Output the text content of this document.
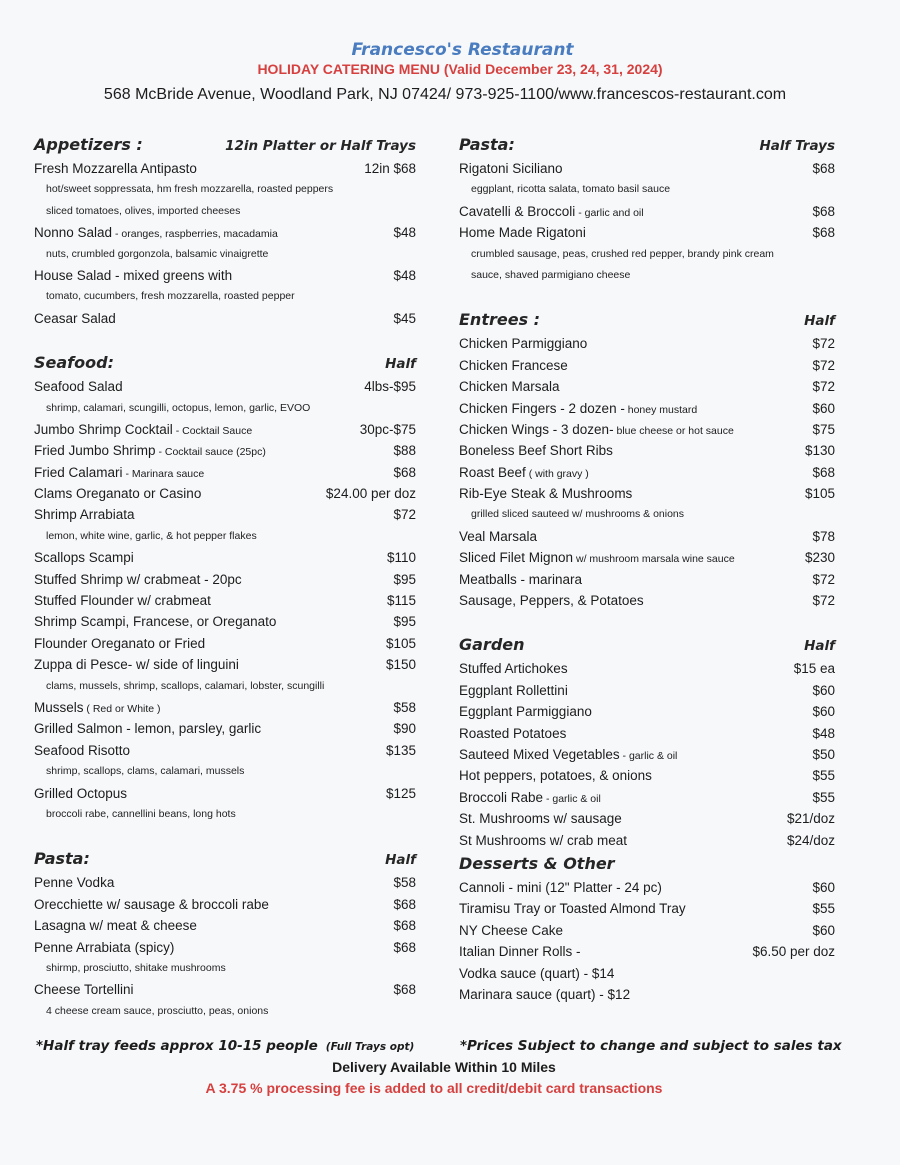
Francesco's Restaurant
HOLIDAY CATERING MENU (Valid December 23, 24, 31, 2024)
568 McBride Avenue, Woodland Park, NJ 07424/ 973-925-1100/www.francescos-restaurant.com
Appetizers :	12in Platter or Half Trays
Fresh Mozzarella Antipasto	12in $68
hot/sweet soppressata, hm fresh mozzarella, roasted peppers
sliced tomatoes, olives, imported cheeses
Nonno Salad - oranges, raspberries, macadamia	$48
nuts, crumbled gorgonzola, balsamic vinaigrette
House Salad - mixed greens with	$48
tomato, cucumbers, fresh mozzarella, roasted pepper
Ceasar Salad	$45
Seafood:	Half
Seafood Salad	4lbs-$95
shrimp, calamari, scungilli, octopus, lemon, garlic, EVOO
Jumbo Shrimp Cocktail - Cocktail Sauce	30pc-$75
Fried Jumbo Shrimp - Cocktail sauce (25pc)	$88
Fried Calamari - Marinara sauce	$68
Clams Oreganato or Casino	$24.00 per doz
Shrimp Arrabiata	$72
lemon, white wine, garlic, & hot pepper flakes
Scallops Scampi	$110
Stuffed Shrimp w/ crabmeat - 20pc	$95
Stuffed Flounder w/ crabmeat	$115
Shrimp Scampi, Francese, or Oreganato	$95
Flounder Oreganato or Fried	$105
Zuppa di Pesce- w/ side of linguini	$150
clams, mussels, shrimp, scallops, calamari, lobster, scungilli
Mussels ( Red or White )	$58
Grilled Salmon - lemon, parsley, garlic	$90
Seafood Risotto	$135
shrimp, scallops, clams, calamari, mussels
Grilled Octopus	$125
broccoli rabe, cannellini beans, long hots
Pasta:	Half
Penne Vodka	$58
Orecchiette w/ sausage & broccoli rabe	$68
Lasagna w/ meat & cheese	$68
Penne Arrabiata (spicy)	$68
shirmp, prosciutto, shitake mushrooms
Cheese Tortellini	$68
4 cheese cream sauce, prosciutto, peas, onions
Pasta:	Half Trays
Rigatoni Siciliano	$68
eggplant, ricotta salata, tomato basil sauce
Cavatelli & Broccoli - garlic and oil	$68
Home Made Rigatoni	$68
crumbled sausage, peas, crushed red pepper, brandy pink cream
sauce, shaved parmigiano cheese
Entrees :	Half
Chicken Parmiggiano	$72
Chicken Francese	$72
Chicken Marsala	$72
Chicken Fingers - 2 dozen - honey mustard	$60
Chicken Wings - 3 dozen- blue cheese or hot sauce	$75
Boneless Beef Short Ribs	$130
Roast Beef ( with gravy )	$68
Rib-Eye Steak & Mushrooms	$105
grilled sliced sauteed w/ mushrooms & onions
Veal Marsala	$78
Sliced Filet Mignon w/ mushroom marsala wine sauce	$230
Meatballs - marinara	$72
Sausage, Peppers, & Potatoes	$72
Garden	Half
Stuffed Artichokes	$15 ea
Eggplant Rollettini	$60
Eggplant Parmiggiano	$60
Roasted Potatoes	$48
Sauteed Mixed Vegetables - garlic & oil	$50
Hot peppers, potatoes, & onions	$55
Broccoli Rabe - garlic & oil	$55
St. Mushrooms w/ sausage	$21/doz
St Mushrooms w/ crab meat	$24/doz
Desserts & Other
Cannoli - mini (12" Platter - 24 pc)	$60
Tiramisu Tray or Toasted Almond Tray	$55
NY Cheese Cake	$60
Italian Dinner Rolls -	$6.50 per doz
Vodka sauce (quart) - $14
Marinara sauce (quart) - $12
*Half tray feeds approx 10-15 people (Full Trays opt)	*Prices Subject to change and subject to sales tax
Delivery Available Within 10 Miles
A 3.75 % processing fee is added to all credit/debit card transactions
